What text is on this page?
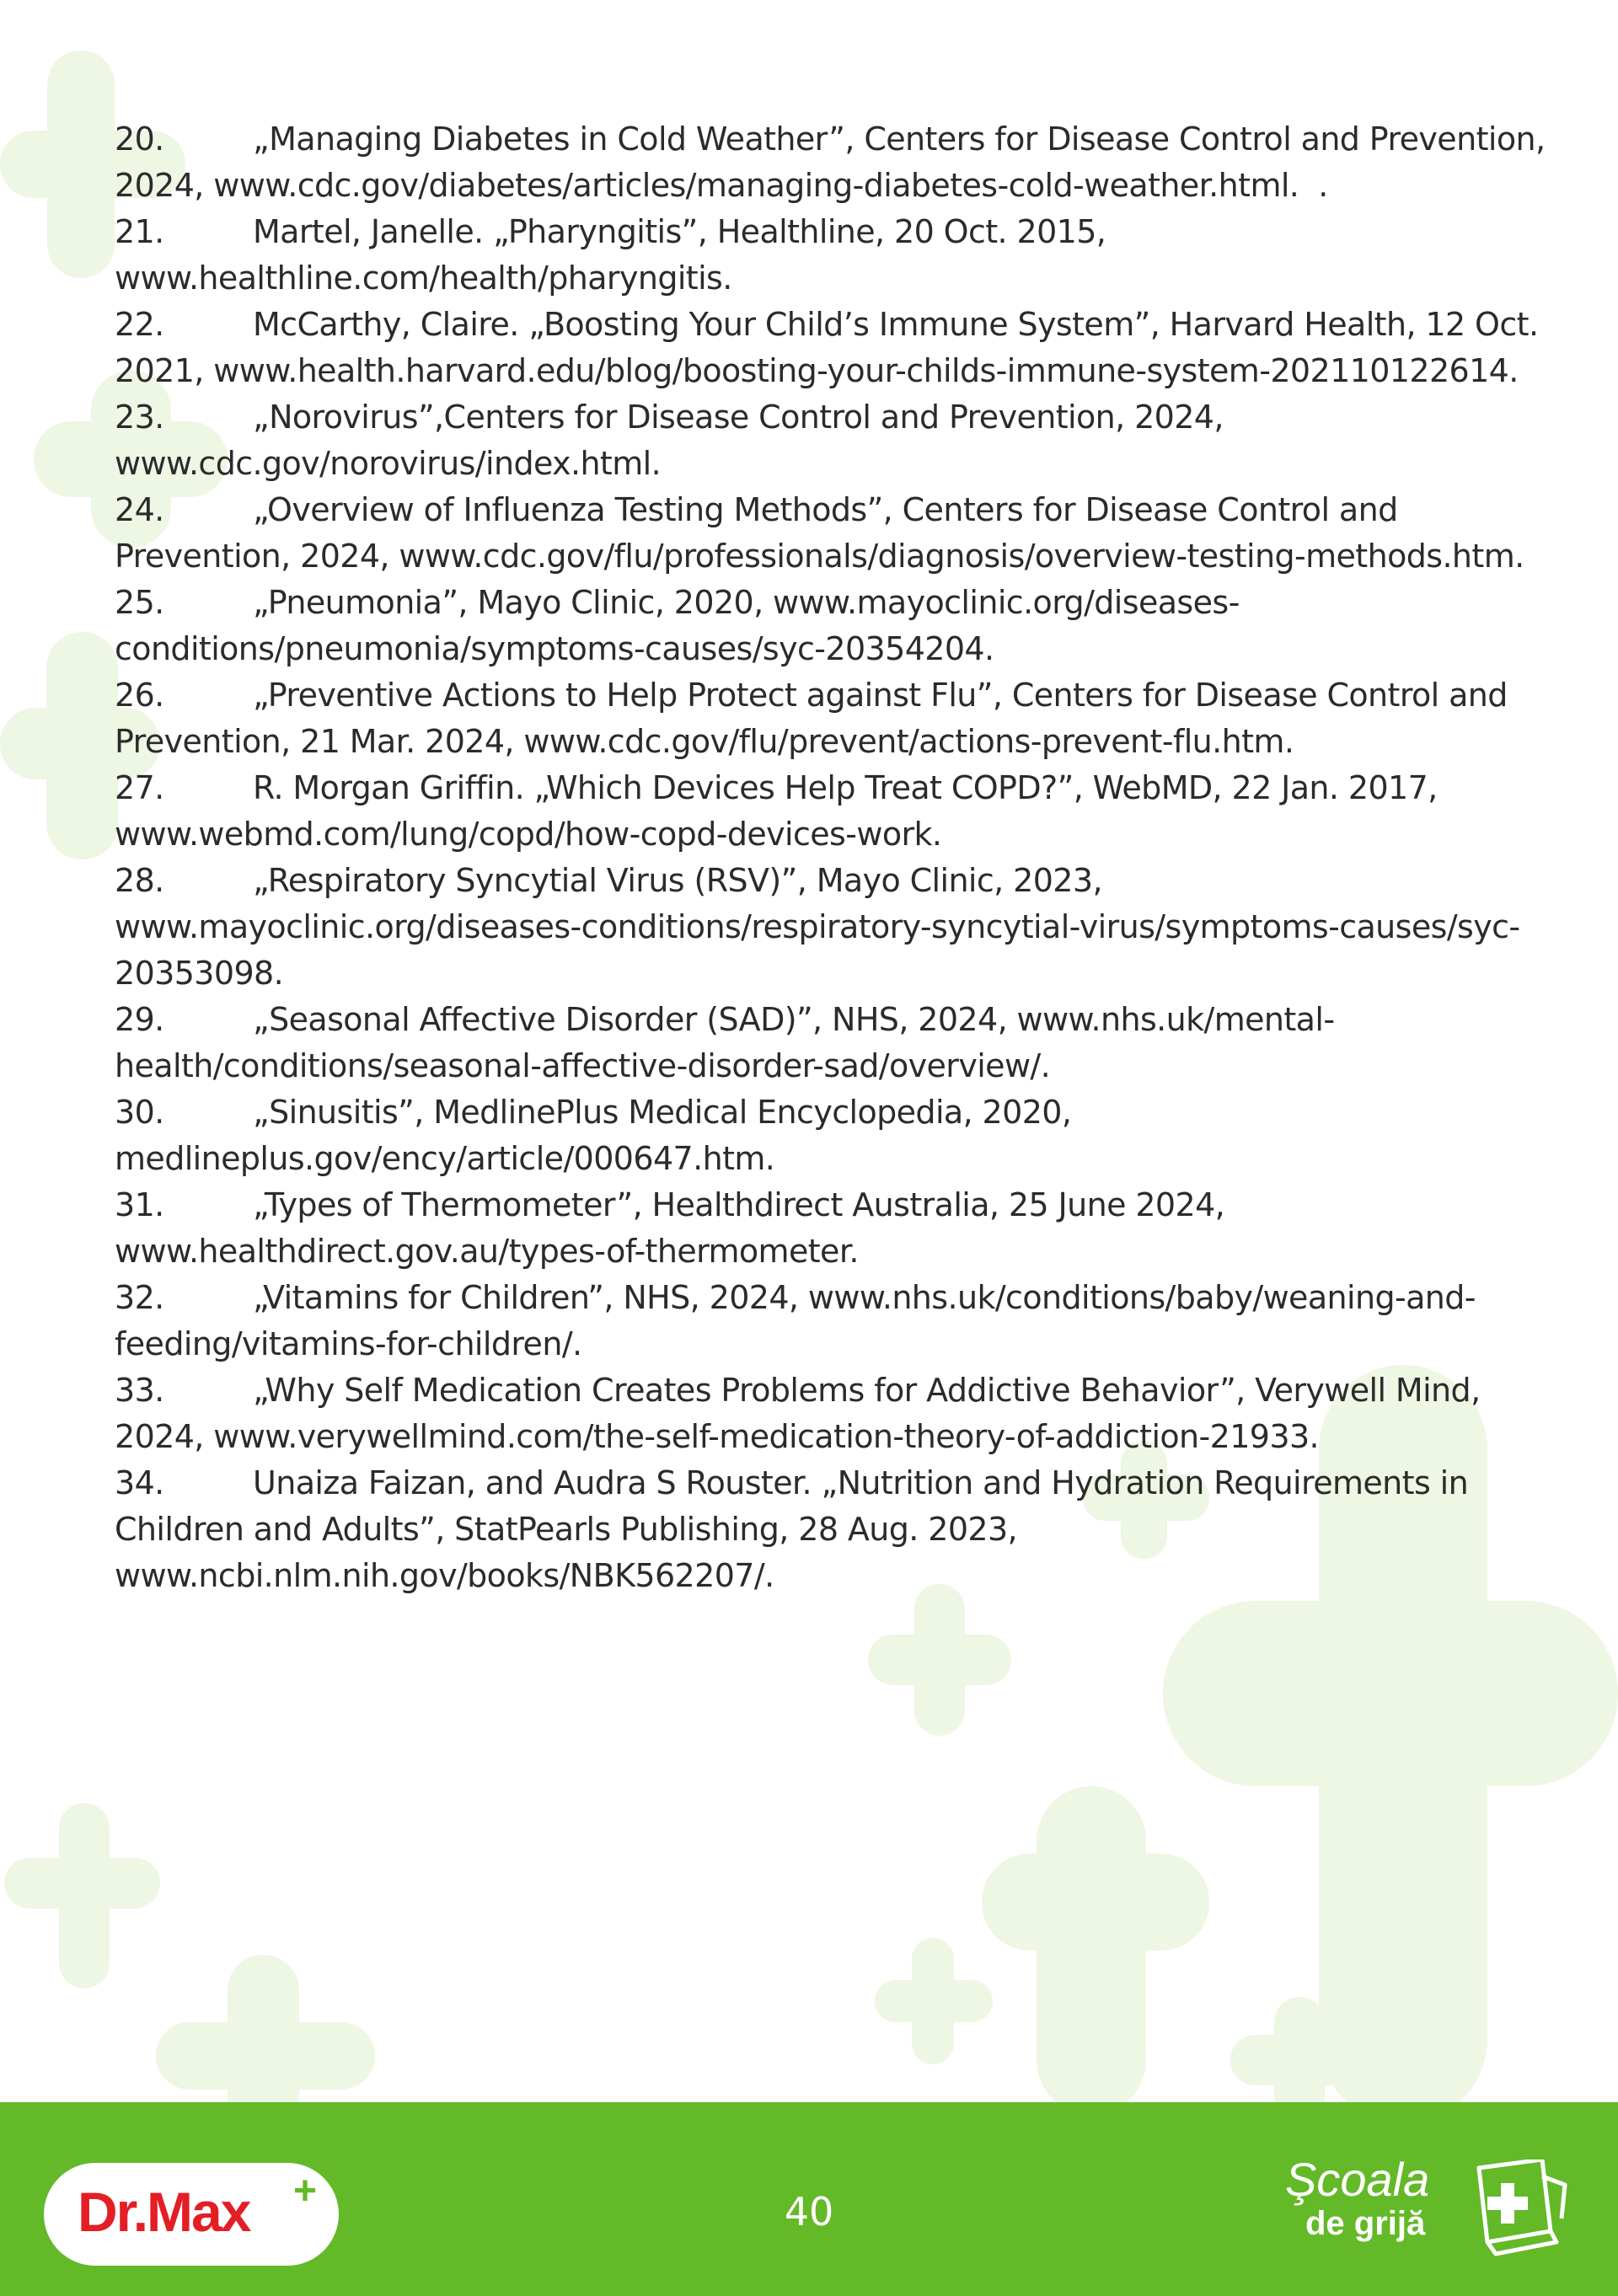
20.	„Managing Diabetes in Cold Weather”, Centers for Disease Control and Prevention, 2024, www.cdc.gov/diabetes/articles/managing-diabetes-cold-weather.html.  .
21.	Martel, Janelle. „Pharyngitis”, Healthline, 20 Oct. 2015, www.healthline.com/health/pharyngitis.
22.	McCarthy, Claire. „Boosting Your Child’s Immune System”, Harvard Health, 12 Oct. 2021, www.health.harvard.edu/blog/boosting-your-childs-immune-system-202110122614.
23.	„Norovirus”,Centers for Disease Control and Prevention, 2024, www.cdc.gov/norovirus/index.html.
24.	„Overview of Influenza Testing Methods”, Centers for Disease Control and Prevention, 2024, www.cdc.gov/flu/professionals/diagnosis/overview-testing-methods.htm.
25.	„Pneumonia”, Mayo Clinic, 2020, www.mayoclinic.org/diseases-conditions/pneumonia/symptoms-causes/syc-20354204.
26.	„Preventive Actions to Help Protect against Flu”, Centers for Disease Control and Prevention, 21 Mar. 2024, www.cdc.gov/flu/prevent/actions-prevent-flu.htm.
27.	R. Morgan Griffin. „Which Devices Help Treat COPD?”, WebMD, 22 Jan. 2017, www.webmd.com/lung/copd/how-copd-devices-work.
28.	„Respiratory Syncytial Virus (RSV)”, Mayo Clinic, 2023, www.mayoclinic.org/diseases-conditions/respiratory-syncytial-virus/symptoms-causes/syc-20353098.
29.	„Seasonal Affective Disorder (SAD)”, NHS, 2024, www.nhs.uk/mental-health/conditions/seasonal-affective-disorder-sad/overview/.
30.	„Sinusitis”, MedlinePlus Medical Encyclopedia, 2020, medlineplus.gov/ency/article/000647.htm.
31.	„Types of Thermometer”, Healthdirect Australia, 25 June 2024, www.healthdirect.gov.au/types-of-thermometer.
32.	„Vitamins for Children”, NHS, 2024, www.nhs.uk/conditions/baby/weaning-and-feeding/vitamins-for-children/.
33.	„Why Self Medication Creates Problems for Addictive Behavior”, Verywell Mind, 2024, www.verywellmind.com/the-self-medication-theory-of-addiction-21933.
34.	Unaiza Faizan, and Audra S Rouster. „Nutrition and Hydration Requirements in Children and Adults”, StatPearls Publishing, 28 Aug. 2023, www.ncbi.nlm.nih.gov/books/NBK562207/.
Dr.Max +	40
Şcoala
de grijă
